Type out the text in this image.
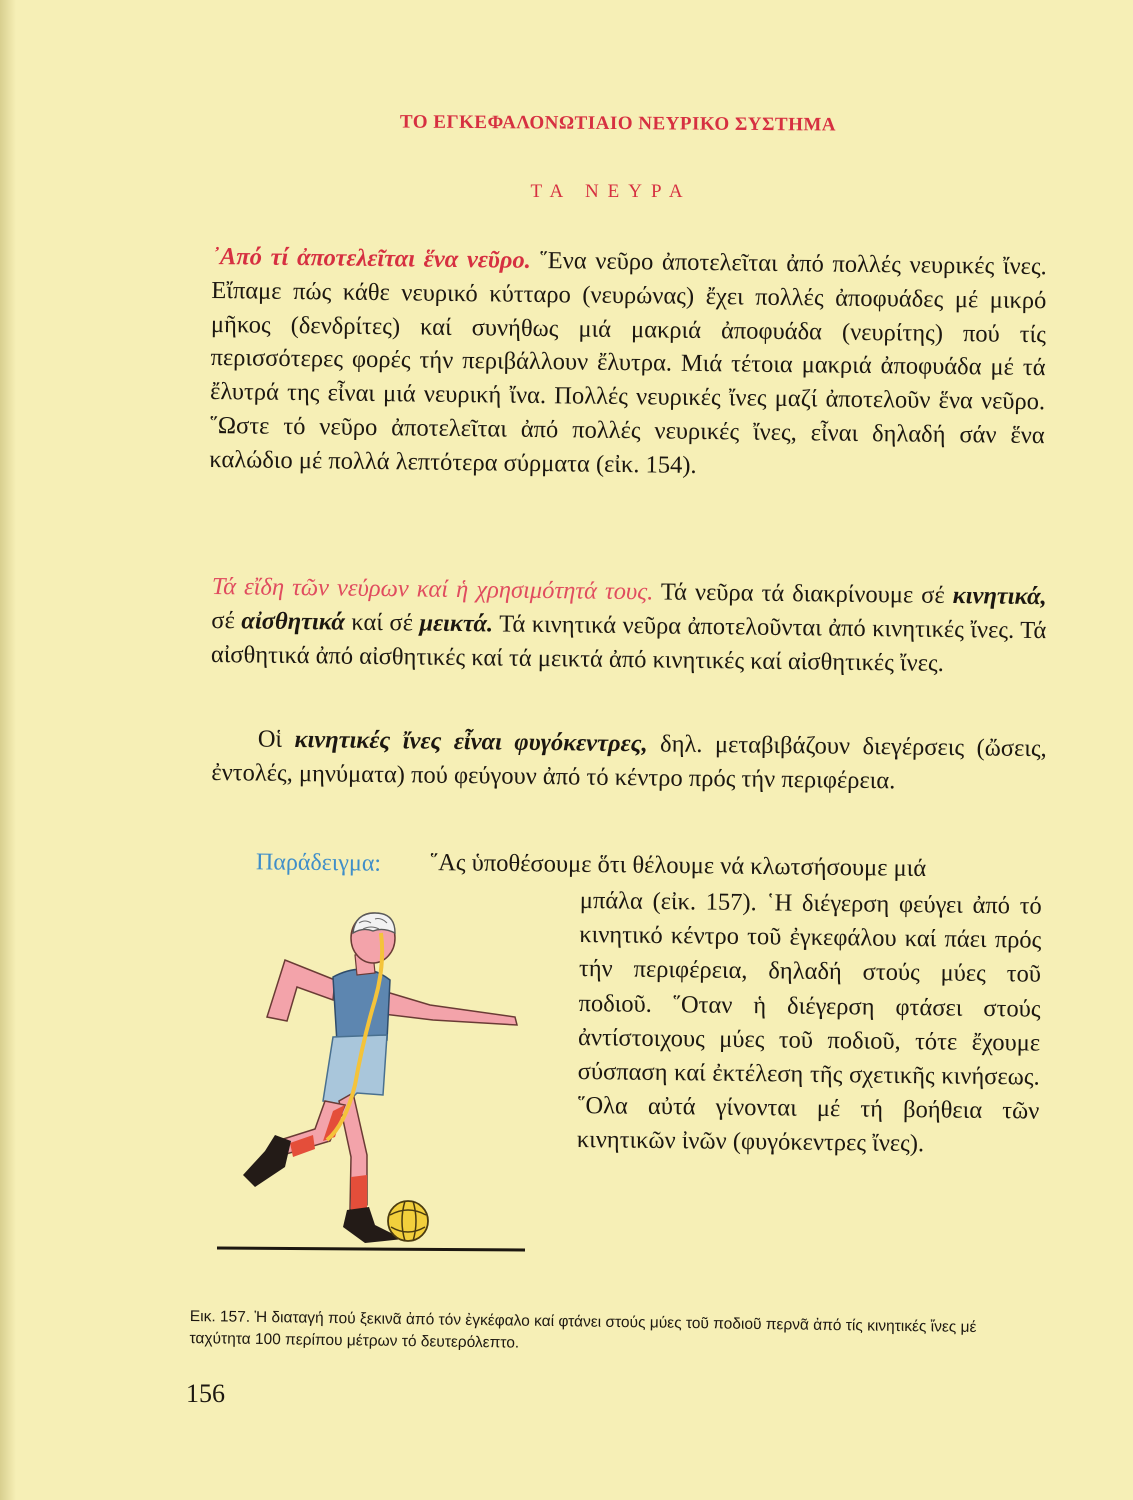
ΤΟ ΕΓΚΕΦΑΛΟΝΩΤΙΑΙΟ ΝΕΥΡΙΚΟ ΣΥΣΤΗΜΑ
ΤΑ ΝΕΥΡΑ

᾿Από τί ἀποτελεῖται ἕνα νεῦρο. ῞Ενα νεῦρο ἀποτελεῖται ἀπό πολλές νευρικές ἴνες. Εἴπαμε πώς κάθε νευρικό κύτταρο (νευρώνας) ἔχει πολλές ἀποφυάδες μέ μικρό μῆκος (δενδρίτες) καί συνήθως μιά μακριά ἀποφυάδα (νευρίτης) πού τίς περισσότερες φορές τήν περιβάλλουν ἔλυτρα. Μιά τέτοια μακριά ἀποφυάδα μέ τά ἔλυτρά της εἶναι μιά νευρική ἴνα. Πολλές νευρικές ἴνες μαζί ἀποτελοῦν ἕνα νεῦρο. ῞Ωστε τό νεῦρο ἀποτελεῖται ἀπό πολλές νευρικές ἴνες, εἶναι δηλαδή σάν ἕνα καλώδιο μέ πολλά λεπτότερα σύρματα (εἰκ. 154).

Τά εἴδη τῶν νεύρων καί ἡ χρησιμότητά τους. Τά νεῦρα τά διακρίνουμε σέ κινητικά, σέ αἰσθητικά καί σέ μεικτά. Τά κινητικά νεῦρα ἀποτελοῦνται ἀπό κινητικές ἴνες. Τά αἰσθητικά ἀπό αἰσθητικές καί τά μεικτά ἀπό κινητικές καί αἰσθητικές ἴνες.

Οἱ κινητικές ἴνες εἶναι φυγόκεντρες, δηλ. μεταβιβάζουν διεγέρσεις (ὤσεις, ἐντολές, μηνύματα) πού φεύγουν ἀπό τό κέντρο πρός τήν περιφέρεια.

Παράδειγμα: ῞Ας ὑποθέσουμε ὅτι θέλουμε νά κλωτσήσουμε μιά

μπάλα (εἰκ. 157). ῾Η διέγερση φεύγει ἀπό τό κινητικό κέντρο τοῦ ἐγκεφάλου καί πάει πρός τήν περιφέρεια, δηλαδή στούς μύες τοῦ ποδιοῦ. ῞Οταν ἡ διέγερση φτάσει στούς ἀντίστοιχους μύες τοῦ ποδιοῦ, τότε ἔχουμε σύσπαση καί ἐκτέλεση τῆς σχετικῆς κινήσεως. ῞Ολα αὐτά γίνονται μέ τή βοήθεια τῶν κινητικῶν ἰνῶν (φυγόκεντρες ἴνες).

Εικ. 157. Ἡ διαταγή πού ξεκινᾶ ἀπό τόν ἐγκέφαλο καί φτάνει στούς μύες τοῦ ποδιοῦ περνᾶ ἀπό τίς κινητικές ἴνες μέ ταχύτητα 100 περίπου μέτρων τό δευτερόλεπτο.

156
